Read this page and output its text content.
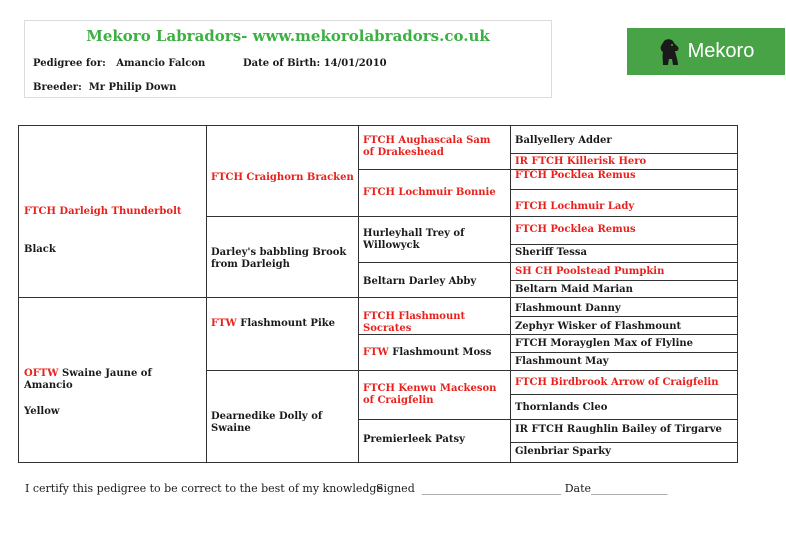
Mekoro Labradors- www.mekorolabradors.co.uk
Pedigree for: Amancio Falcon	Date of Birth: 14/01/2010
Breeder: Mr Philip Down
Mekoro
FTCH Darleigh Thunderbolt
Black
OFTW Swaine Jaune of Amancio
Yellow
FTCH Craighorn Bracken
Darley's babbling Brook from Darleigh
FTW Flashmount Pike
Dearnedike Dolly of Swaine
FTCH Aughascala Sam of Drakeshead
FTCH Lochmuir Bonnie
Hurleyhall Trey of Willowyck
Beltarn Darley Abby
FTCH Flashmount Socrates
FTW Flashmount Moss
FTCH Kenwu Mackeson of Craigfelin
Premierleek Patsy
Ballyellery Adder
IR FTCH Killerisk Hero
FTCH Pocklea Remus
FTCH Lochmuir Lady
FTCH Pocklea Remus
Sheriff Tessa
SH CH Poolstead Pumpkin
Beltarn Maid Marian
Flashmount Danny
Zephyr Wisker of Flashmount
FTCH Morayglen Max of Flyline
Flashmount May
FTCH Birdbrook Arrow of Craigfelin
Thornlands Cleo
IR FTCH Raughlin Bailey of Tirgarve
Glenbriar Sparky
I certify this pedigree to be correct to the best of my knowledge
Signed _______________________________ Date_________________
